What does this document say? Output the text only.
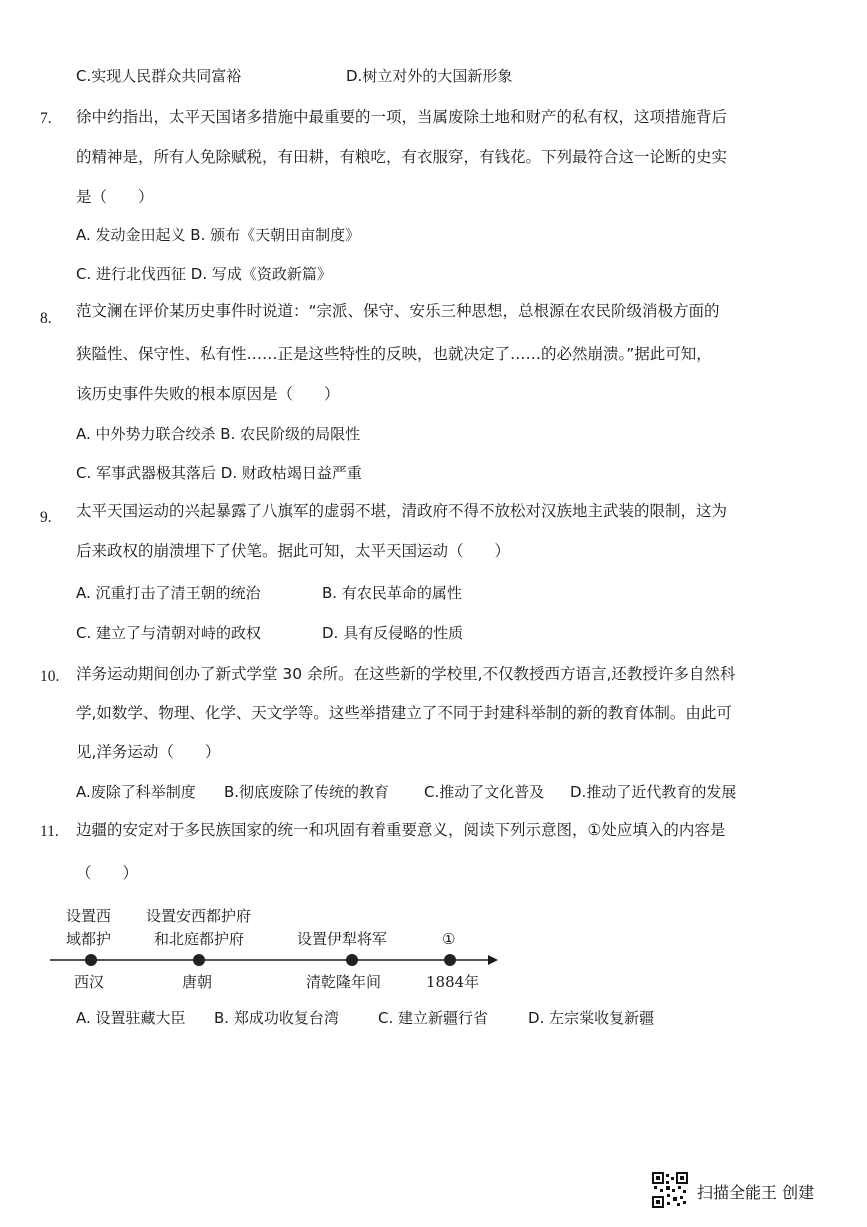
C.实现人民群众共同富裕	D.树立对外的大国新形象
7. 徐中约指出，太平天国诸多措施中最重要的一项，当属废除土地和财产的私有权，这项措施背后
的精神是，所有人免除赋税，有田耕，有粮吃，有衣服穿，有钱花。下列最符合这一论断的史实
是（　　）
A. 发动金田起义 B. 颁布《天朝田亩制度》
C. 进行北伐西征 D. 写成《资政新篇》
8. 范文澜在评价某历史事件时说道：“宗派、保守、安乐三种思想，总根源在农民阶级消极方面的
狭隘性、保守性、私有性……正是这些特性的反映，也就决定了……的必然崩溃。”据此可知，
该历史事件失败的根本原因是（　　）
A. 中外势力联合绞杀 B. 农民阶级的局限性
C. 军事武器极其落后 D. 财政枯竭日益严重
9. 太平天国运动的兴起暴露了八旗军的虚弱不堪，清政府不得不放松对汉族地主武装的限制，这为
后来政权的崩溃埋下了伏笔。据此可知，太平天国运动（　　）
A. 沉重打击了清王朝的统治	B. 有农民革命的属性
C. 建立了与清朝对峙的政权	D. 具有反侵略的性质
10. 洋务运动期间创办了新式学堂 30 余所。在这些新的学校里,不仅教授西方语言,还教授许多自然科
学,如数学、物理、化学、天文学等。这些举措建立了不同于封建科举制的新的教育体制。由此可
见,洋务运动（　　）
A.废除了科举制度 B.彻底废除了传统的教育 C.推动了文化普及 D.推动了近代教育的发展
11. 边疆的安定对于多民族国家的统一和巩固有着重要意义，阅读下列示意图，①处应填入的内容是
（　　）
设置西
域都护
设置安西都护府
和北庭都护府	设置伊犁将军	①
西汉	唐朝	清乾隆年间	1884年
A. 设置驻藏大臣 B. 郑成功收复台湾	C. 建立新疆行省	D. 左宗棠收复新疆
扫描全能王 创建
